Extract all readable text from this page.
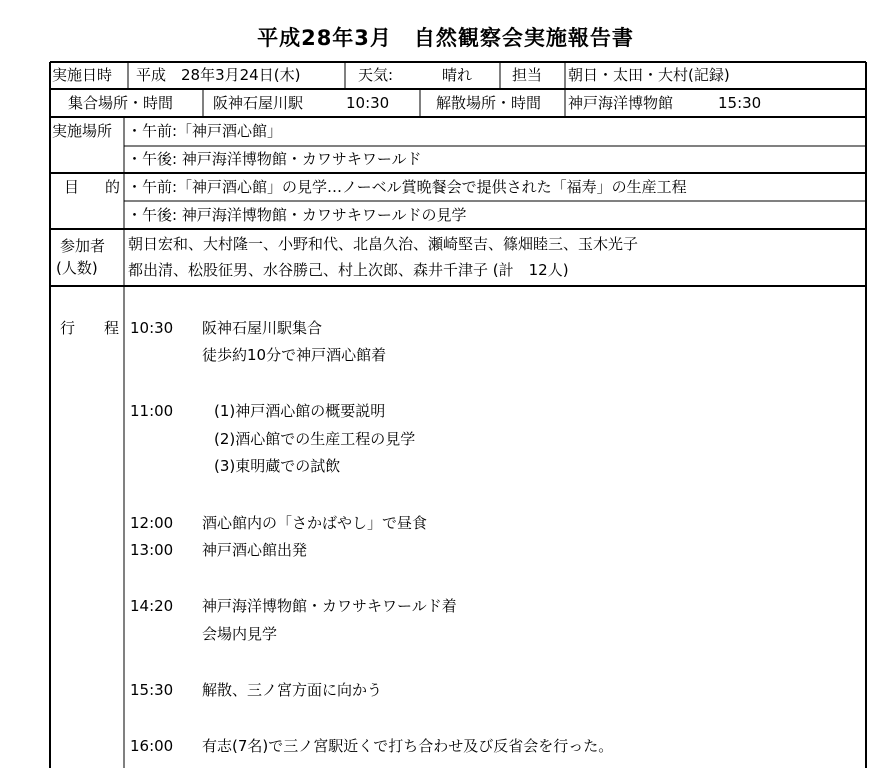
平成28年3月　自然観察会実施報告書
実施日時 平成　28年3月24日(木)	天気:	晴れ	担当 朝日・太田・大村(記録)
集合場所・時間	阪神石屋川駅	10:30	解散場所・時間 神戸海洋博物館	15:30
実施場所 ・午前:「神戸酒心館」
・午後: 神戸海洋博物館・カワサキワールド
目 的 ・午前:「神戸酒心館」の見学…ノーベル賞晩餐会で提供された「福寿」の生産工程
・午後: 神戸海洋博物館・カワサキワールドの見学
参加者
(人数)
朝日宏和、大村隆一、小野和代、北畠久治、瀬崎堅吉、篠畑睦三、玉木光子
都出清、松股征男、水谷勝己、村上次郎、森井千津子 (計　12人)
行 程 10:30 阪神石屋川駅集合
徒歩約10分で神戸酒心館着
11:00	(1)神戸酒心館の概要説明
(2)酒心館での生産工程の見学
(3)東明蔵での試飲
12:00 酒心館内の「さかばやし」で昼食
13:00 神戸酒心館出発
14:20 神戸海洋博物館・カワサキワールド着
会場内見学
15:30 解散、三ノ宮方面に向かう
16:00 有志(7名)で三ノ宮駅近くで打ち合わせ及び反省会を行った。
